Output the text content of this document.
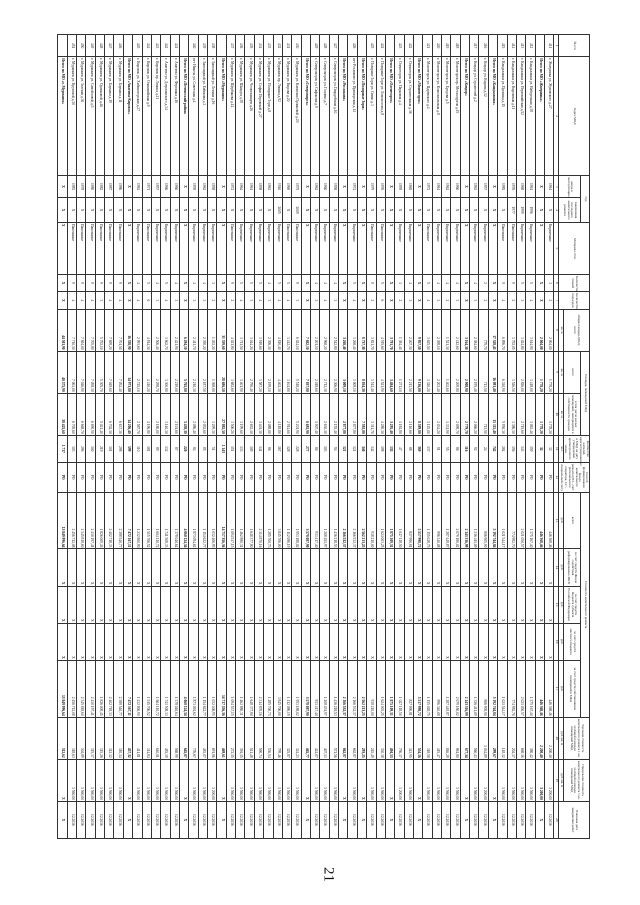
21
№ п/п	Адрес МКД	Год		Материал стен	Количество этажей	Количество подъездов	общая площадь МКД, всего	Площадь помещений МКД		Количество жителей, зарегистрированных в МКД на дату утверждения краткосрочного плана	Способ формирования фонда капитального ремонта (РО - счет регионального оператора, СС - специальный счет)	Стоимость капитального ремонта					Удельная стоимость капитального ремонта 1 кв. м общей площади помещений МКД	Предельная стоимость капитального ремонта 1 кв. м общей площади помещений МКД	Плановая дата завершения работ
		ввода в эксплуатацию	завершения последнего капитального ремонта					всего	в том числе жилых помещений, находящихся в собственности граждан			всего	за счет средств Фонда содействия реформированию ЖКХ	за счет средств бюджета субъекта Российской Федерации	за счет средств местного бюджета	за счет средств собственников помещений в МКД			
							кв. м	кв. м	кв. м	чел.		руб.	руб.	руб.	руб.	руб.	руб./кв. м	руб./кв. м	
1	2	3	4	5	6	7	8	9	10	11	12	13	14	15	16	17	18	19	20
411	г. Жмеринка ул. Жуковского д.27	1961	Х	Кирпичные	3	2	2 004,00	1 778,20	1 778,20	32	РО	446 368,46	Х	Х	Х	446 368,46	2 200,40	3 200,00	12.2016
	Итого по МО «Жмеринка»	Х	Х	Х	Х	Х	2 004,00	1 778,20	1 778,20	32	РО	446 368,46	Х	Х	Х	446 368,46	2 200,40	3 200,00	Х
412	г. Кандалакша ул. Набережная д.38	1961	1996	Кирпичные	5	4	3 614,90	3 418,00	3 063,40	159	РО	1 375 167,40	Х	Х	Х	1 375 167,40	380,42	1 560,00	12.2016
413	г. Кандалакша ул. Первомайская д.52	1968	1999	Кирпичные	5	3	3 024,80	2 826,00	2 715,60	143	РО	2 021 050,57	Х	Х	Х	2 021 050,57	668,16	1 560,00	12.2016
414	г. Кандалакша ул. Кировская д.11	1976	1977	Панельные	9	2	3 792,05	3 526,50	3 386,10	156	РО	774 982,70	Х	Х	Х	774 982,70	204,37	1 560,00	12.2016
415	г. Кандалакша ул. Пронина д.15	1985	Х	Панельные	9	4	6 896,70	6 320,90	5 950,30	284	РО	1 021 544,17	Х	Х	Х	1 021 544,17	148,12	1 560,00	12.2016
	Итого по МО «Кандалакша»	Х	Х	Х	Х	Х	17 328,45	16 091,40	15 115,40	742	РО	5 192 744,84	Х	Х	Х	5 192 744,84	299,67	Х	Х
416	г. Ковдор ул. Кирова д.12	1957	Х	Кирпичные	2	2	779,70	713,50	713,50	24	РО	806 905,90	Х	Х	Х	806 905,90	1 034,89	3 200,00	12.2016
417	г. Ковдор ул. Строителей д.2	1963	Х	Кирпичные	4	3	2 384,60	2 195,40	2 066,20	92	РО	1 336 411,09	Х	Х	Х	1 336 411,09	560,43	1 560,00	12.2016
	Итого по МО «Ковдор»	Х	Х	Х	Х	Х	3 164,30	2 908,90	2 779,70	116	РО	2 143 316,99	Х	Х	Х	2 143 316,99	677,34	Х	Х
418	г. Мончегорск пр. Металлургов д.15	1960	Х	Кирпичные	4	3	2 412,60	2 209,80	2 098,70	86	РО	2 079 180,02	Х	Х	Х	2 079 180,02	861,80	1 560,00	12.2016
419	г. Мончегорск ул. Бредова д.5	1962	Х	Кирпичные	4	2	1 521,30	1 402,60	1 331,90	55	РО	1 287 449,87	Х	Х	Х	1 287 449,87	846,29	1 560,00	12.2016
420	г. Мончегорск ул. Комсомольская д.8	1961	Х	Кирпичные	4	3	2 398,10	2 203,40	2 034,20	91	РО	996 340,08	Х	Х	Х	996 340,08	415,47	1 560,00	12.2016
421	г. Мончегорск ул. Царевского д.4	1972	Х	Панельные	5	4	3 625,50	3 320,20	3 125,00	137	РО	1 155 028,75	Х	Х	Х	1 155 028,75	318,58	1 560,00	12.2016
	Итого по МО «Мончегорск»	Х	Х	Х	Х	Х	9 957,50	9 136,00	8 589,80	369	РО	5 517 998,72	Х	Х	Х	5 517 998,72	554,16	Х	Х
422	г. Оленегорск ул. Строительная д.36	1965	Х	Кирпичные	4	3	2 407,30	2 213,50	2 110,60	88	РО	827 990,81	Х	Х	Х	827 990,81	343,95	1 560,00	12.2016
423	г. Оленегорск ул. Парковая д.4	1959	Х	Кирпичные	3	2	1 384,40	1 271,10	1 184,80	47	РО	1 047 118,50	Х	Х	Х	1 047 118,50	756,37	3 200,00	12.2016
	Итого по МО «Оленегорск»	Х	Х	Х	Х	Х	3 791,70	3 484,60	3 295,40	135	РО	1 875 109,31	Х	Х	Х	1 875 109,31	494,53	Х	Х
424	г. Полярные Зори ул. Ломоносова д.8	1976	Х	Панельные	5	6	4 915,60	4 521,90	4 280,30	198	РО	1 624 003,25	Х	Х	Х	1 624 003,25	330,38	1 560,00	12.2016
425	г. Полярные Зори ул. Сивко д.3	1979	Х	Панельные	9	2	3 821,70	3 512,40	3 311,70	142	РО	938 210,00	Х	Х	Х	938 210,00	245,49	1 560,00	12.2016
	Итого по МО «Полярные Зори»	Х	Х	Х	Х	Х	8 737,30	8 034,30	7 592,00	340	РО	2 562 213,25	Х	Х	Х	2 562 213,25	293,25	Х	Х
426	пгт Росляково ул. Приморская д.14	1974	Х	Кирпичные	5	4	3 268,40	3 009,10	2 877,80	121	РО	2 166 532,37	Х	Х	Х	2 166 532,37	662,87	1 560,00	12.2016
	Итого по МО «Росляково»	Х	Х	Х	Х	Х	3 268,40	3 009,10	2 877,80	121	РО	2 166 532,37	Х	Х	Х	2 166 532,37	662,87	Х	Х
427	г. Североморск ул. Гвардейская д.10	1958	Х	Кирпичные	4	3	2 512,80	2 306,90	2 155,40	94	РО	1 436 218,53	Х	Х	Х	1 436 218,53	571,56	1 560,00	12.2016
428	г. Североморск ул. Головко д.7	1960	Х	Кирпичные	4	4	2 968,20	2 712,30	2 630,10	103	РО	1 208 451,97	Х	Х	Х	1 208 451,97	407,13	1 560,00	12.2016
429	г. Североморск ул. Сафонова д.9	1962	Х	Кирпичные	4	3	2 201,10	2 018,60	1 907,40	80	РО	933 417,40	Х	Х	Х	933 417,40	424,07	1 560,00	12.2016
	Итого по МО «Североморск»	Х	Х	Х	Х	Х	7 682,10	7 037,80	6 692,90	277	РО	3 578 087,90	Х	Х	Х	3 578 087,90	465,77	Х	Х
430	г. Мурманск ул. Капитана Орликовой д.20	1975	2009	Панельные	9	3	6 024,10	5 518,20	5 201,90	228	РО	1 953 188,02	Х	Х	Х	1 953 188,02	324,23	1 560,00	12.2016
431	г. Мурманск ул. Кирова д.20	1969	Х	Панельные	5	4	3 412,70	3 104,80	2 914,60	128	РО	1 112 096,19	Х	Х	Х	1 112 096,19	325,87	1 560,00	12.2016
432	г. Мурманск пр. Ленина д.92	1940	2005	Кирпичные	5	4	4 810,40	4 402,30	4 118,80	167	РО	3 845 706,00	Х	Х	Х	3 845 706,00	799,46	1 560,00	12.2016
433	г. Мурманск ул. Полярные Зори д.8	1963	Х	Кирпичные	4	3	2 396,30	2 199,10	2 088,00	86	РО	1 285 700,73	Х	Х	Х	1 285 700,73	536,54	1 560,00	12.2016
434	г. Мурманск ул. Софьи Перовской д.27	1958	Х	Кирпичные	5	4	3 918,60	3 587,20	3 401,30	141	РО	2 314 870,16	Х	Х	Х	2 314 870,16	590,74	1 560,00	12.2016
435	г. Мурманск ул. Челюскинцев д.26	1961	Х	Кирпичные	5	3	3 044,20	2 790,40	2 652,10	109	РО	1 648 377,80	Х	Х	Х	1 648 377,80	541,48	1 560,00	12.2016
436	г. Мурманск ул. Шмидта д.39	1964	Х	Кирпичные	5	4	3 711,50	3 401,90	3 199,60	133	РО	1 462 880,31	Х	Х	Х	1 462 880,31	394,15	1 560,00	12.2016
437	г. Мурманск ул. Щербакова д.14	1972	Х	Панельные	9	2	4 021,80	3 682,60	3 506,20	151	РО	1 094 537,15	Х	Х	Х	1 094 537,15	272,15	1 560,00	12.2016
	Итого по МО «Мурманск»	Х	Х	Х	Х	Х	31 339,60	28 686,50	27 082,50	1 143	РО	14 717 356,36	Х	Х	Х	14 717 356,36	469,61	Х	Х
438	г. Заполярный ул. Ленина д.16	1958	Х	Кирпичные	3	2	1 492,20	1 368,00	1 299,30	51	РО	1 032 406,95	Х	Х	Х	1 032 406,95	691,86	3 200,00	12.2016
439	г. Заполярный ул. Бабикова д.3	1962	Х	Кирпичные	4	3	2 390,20	2 187,50	2 052,60	85	РО	1 154 622,77	Х	Х	Х	1 154 622,77	483,07	1 560,00	12.2016
440	пгт Никель ул. Советская д.4	1959	Х	Кирпичные	4	3	2 411,70	2 210,30	2 086,40	84	РО	1 873 094,62	Х	Х	Х	1 873 094,62	776,67	1 560,00	12.2016
	Итого по МО «Печенгский район»	Х	Х	Х	Х	Х	6 294,10	5 765,80	5 438,30	220	РО	4 060 124,34	Х	Х	Х	4 060 124,34	645,07	Х	Х
441	г. Апатиты ул. Ферсмана д.16	1960	Х	Кирпичные	4	3	2 421,90	2 219,00	2 101,60	87	РО	1 378 040,64	Х	Х	Х	1 378 040,64	568,99	1 560,00	12.2016
442	г. Апатиты ул. Дзержинского д.34	1966	Х	Кирпичные	5	4	3 602,70	3 300,80	3 140,30	132	РО	1 741 508,33	Х	Х	Х	1 741 508,33	483,39	1 560,00	12.2016
443	г. Кировск пр. Ленина д.21	1957	Х	Кирпичные	4	3	2 506,40	2 298,70	2 180,00	89	РО	1 604 110,72	Х	Х	Х	1 604 110,72	640,01	1 560,00	12.2016
444	г. Кировск ул. Олимпийская д.9	1971	Х	Панельные	5	6	4 814,30	4 410,20	4 196,80	181	РО	1 515 706,52	Х	Х	Х	1 515 706,52	314,84	1 560,00	12.2016
445	г. Кировск ул. Хибиногорская д.27	1963	Х	Кирпичные	4	4	2 993,60	2 745,10	2 587,70	110	РО	1 232 800,90	Х	Х	Х	1 232 800,90	411,81	1 560,00	12.2016
	Итого по МО «Апатиты-Кировск»	Х	Х	Х	Х	Х	16 338,90	14 973,80	14 206,40	599	РО	7 472 167,11	Х	Х	Х	7 472 167,11	457,32	Х	Х
446	г. Мурманск ул. Баумана д.11	1986	Х	Панельные	9	4	7 701,50	7 052,40	6 637,30	298	РО	2 388 540,77	Х	Х	Х	2 388 540,77	310,14	1 560,00	12.2016
447	г. Мурманск ул. Баумана д.19	1987	Х	Панельные	9	4	7 698,20	7 049,60	6 702,10	301	РО	2 402 718,33	Х	Х	Х	2 402 718,33	312,12	1 560,00	12.2016
448	г. Мурманск ул. Орликовой д.46	1982	Х	Панельные	9	3	5 792,10	5 305,70	5 021,40	219	РО	1 826 009,45	Х	Х	Х	1 826 009,45	315,26	1 560,00	12.2016
449	г. Мурманск ул. Самойловой д.5	1980	Х	Панельные	9	4	7 705,80	7 058,30	6 690,50	300	РО	2 430 197,41	Х	Х	Х	2 430 197,41	315,37	1 560,00	12.2016
450	г. Мурманск ул. Зеленая д.30	1978	Х	Панельные	9	4	7 694,00	7 046,90	6 668,70	296	РО	2 345 818,60	Х	Х	Х	2 345 818,60	304,89	1 560,00	12.2016
451	г. Мурманск ул. Крупской д.30	1983	Х	Панельные	9	4	7 710,30	7 063,00	6 705,60	303	РО	2 456 712,08	Х	Х	Х	2 456 712,08	318,63	1 560,00	12.2016
	Итого по МО «г. Мурманск»	Х	Х	Х	Х	Х	44 301,90	40 575,90	38 425,60	1 717	РО	13 849 996,64	Х	Х	Х	13 849 996,64	312,62	Х	Х
